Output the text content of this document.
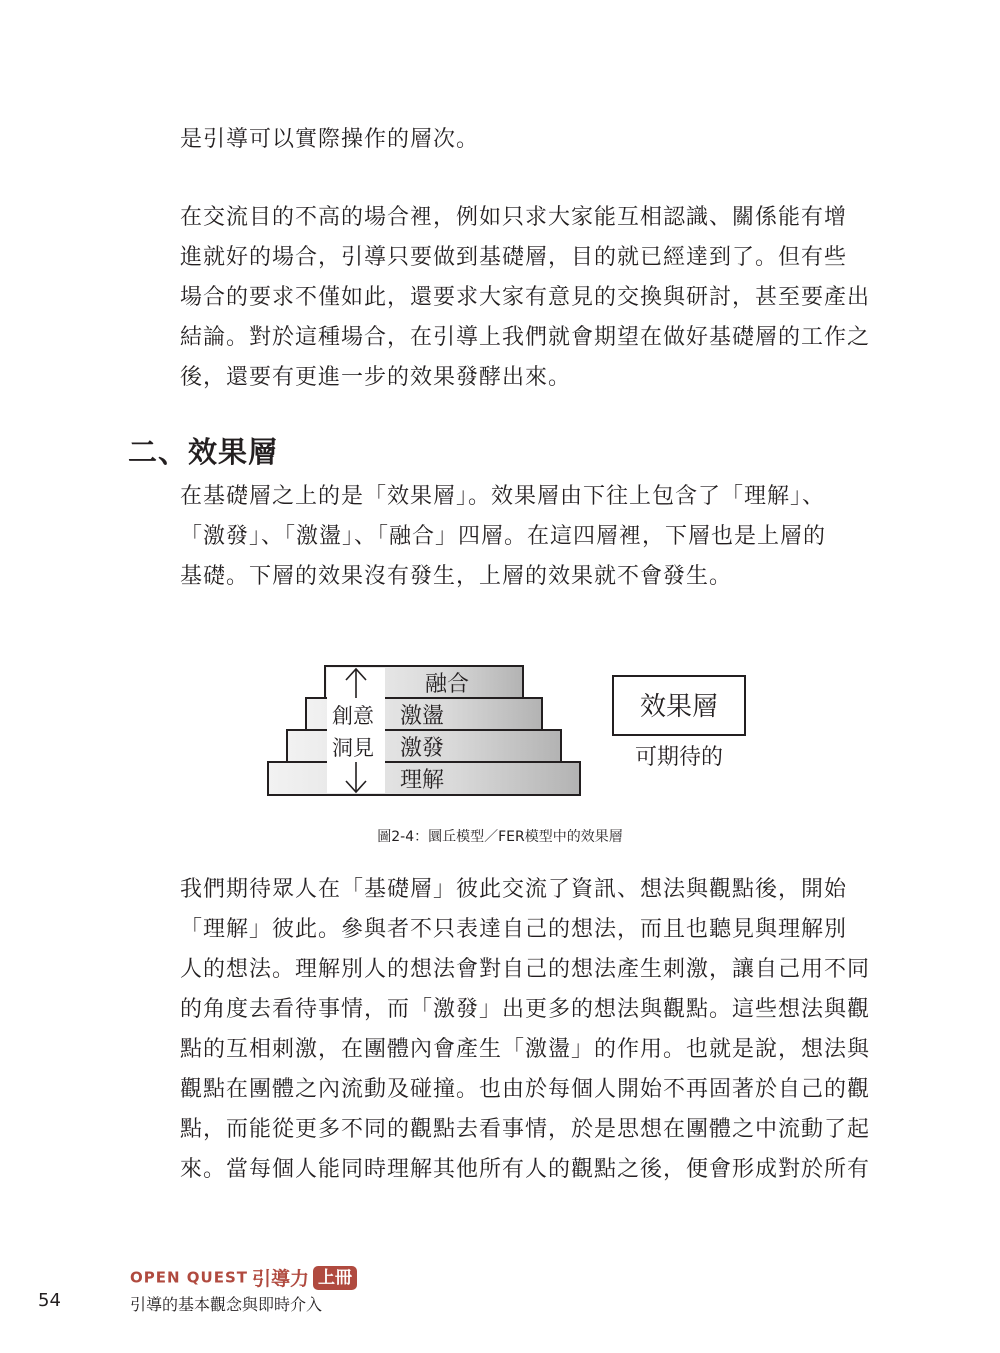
是引導可以實際操作的層次。
在交流目的不高的場合裡，例如只求大家能互相認識、關係能有增
進就好的場合，引導只要做到基礎層，目的就已經達到了。但有些
場合的要求不僅如此，還要求大家有意見的交換與研討，甚至要產出
結論。對於這種場合，在引導上我們就會期望在做好基礎層的工作之
後，還要有更進一步的效果發酵出來。
二、效果層
在基礎層之上的是「效果層」。效果層由下往上包含了「理解」、
「激發」、「激盪」、「融合」四層。在這四層裡，下層也是上層的
基礎。下層的效果沒有發生，上層的效果就不會發生。
融合
激盪
激發
理解
創意
洞見
效果層
可期待的
圖2-4：圜丘模型／FER模型中的效果層
我們期待眾人在「基礎層」彼此交流了資訊、想法與觀點後，開始
「理解」彼此。參與者不只表達自己的想法，而且也聽見與理解別
人的想法。理解別人的想法會對自己的想法產生刺激，讓自己用不同
的角度去看待事情，而「激發」出更多的想法與觀點。這些想法與觀
點的互相刺激，在團體內會產生「激盪」的作用。也就是說，想法與
觀點在團體之內流動及碰撞。也由於每個人開始不再固著於自己的觀
點，而能從更多不同的觀點去看事情，於是思想在團體之中流動了起
來。當每個人能同時理解其他所有人的觀點之後，便會形成對於所有
OPEN QUEST 引導力 上冊
54	引導的基本觀念與即時介入
